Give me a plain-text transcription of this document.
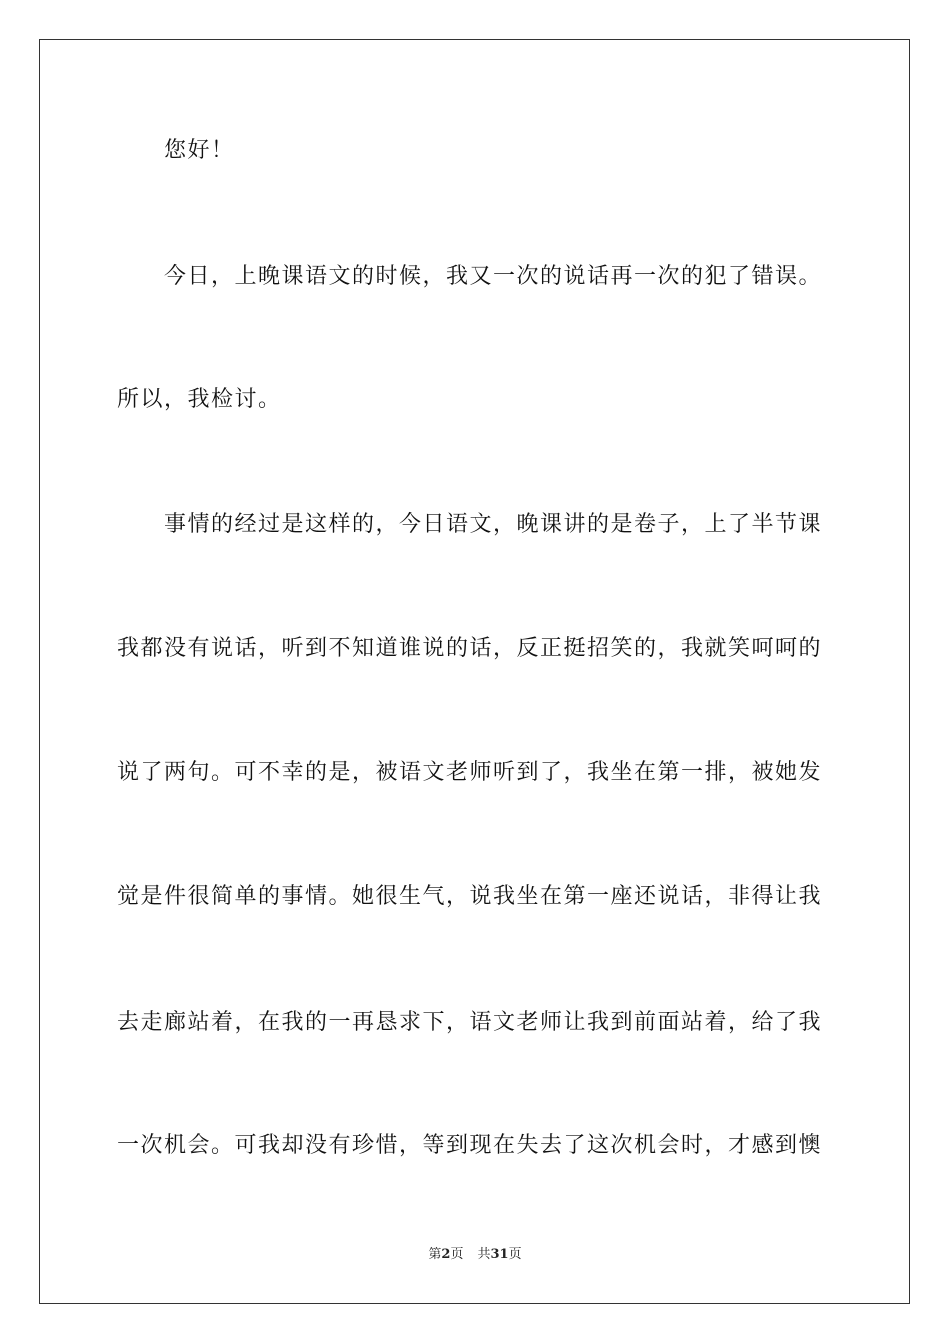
您好！
今日，上晚课语文的时候，我又一次的说话再一次的犯了错误。
所以，我检讨。
事情的经过是这样的，今日语文，晚课讲的是卷子，上了半节课
我都没有说话，听到不知道谁说的话，反正挺招笑的，我就笑呵呵的
说了两句。可不幸的是，被语文老师听到了，我坐在第一排，被她发
觉是件很简单的事情。她很生气，说我坐在第一座还说话，非得让我
去走廊站着，在我的一再恳求下，语文老师让我到前面站着，给了我
一次机会。可我却没有珍惜，等到现在失去了这次机会时，才感到懊
第2页 共31页
